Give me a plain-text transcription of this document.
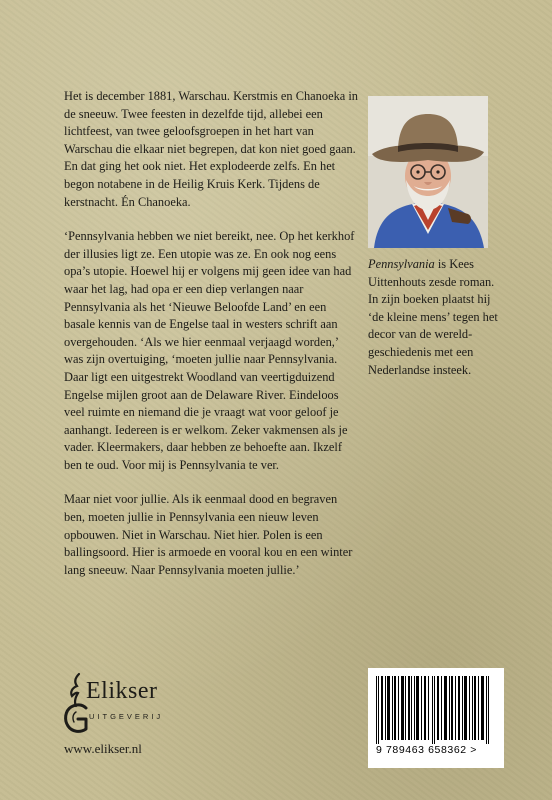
Het is december 1881, Warschau. Kerstmis en Chanoeka in de sneeuw. Twee feesten in dezelfde tijd, allebei een lichtfeest, van twee geloofsgroepen in het hart van Warschau die elkaar niet begrepen, dat kon niet goed gaan. En dat ging het ook niet. Het explodeerde zelfs. En het begon notabene in de Heilig Kruis Kerk. Tijdens de kerstnacht. Én Chanoeka.

‘Pennsylvania hebben we niet bereikt, nee. Op het kerkhof der illusies ligt ze. Een utopie was ze. En ook nog eens opa’s utopie. Hoewel hij er volgens mij geen idee van had waar het lag, had opa er een diep verlangen naar Pennsylvania als het ‘Nieuwe Beloofde Land’ en een basale kennis van de Engelse taal in westers schrift aan overgehouden. ‘Als we hier eenmaal verjaagd worden,’ was zijn overtuiging, ‘moeten jullie naar Pennsylvania. Daar ligt een uitgestrekt Woodland van veertigduizend Engelse mijlen groot aan de Delaware River. Eindeloos veel ruimte en niemand die je vraagt wat voor geloof je aanhangt. Iedereen is er welkom. Zeker vakmensen als je vader. Kleermakers, daar hebben ze behoefte aan. Ikzelf ben te oud. Voor mij is Pennsylvania te ver.

Maar niet voor jullie. Als ik eenmaal dood en begraven ben, moeten jullie in Pennsylvania een nieuw leven opbouwen. Niet in Warschau. Niet hier. Polen is een ballingsoord. Hier is armoede en vooral kou en een winter lang sneeuw. Naar Pennsylvania moeten jullie.’

Pennsylvania is Kees Uittenhouts zesde roman. In zijn boeken plaatst hij ‘de kleine mens’ tegen het decor van de wereld-geschiedenis met een Nederlandse insteek.

Elikser
UITGEVERIJ
www.elikser.nl	9 789463 658362 >
